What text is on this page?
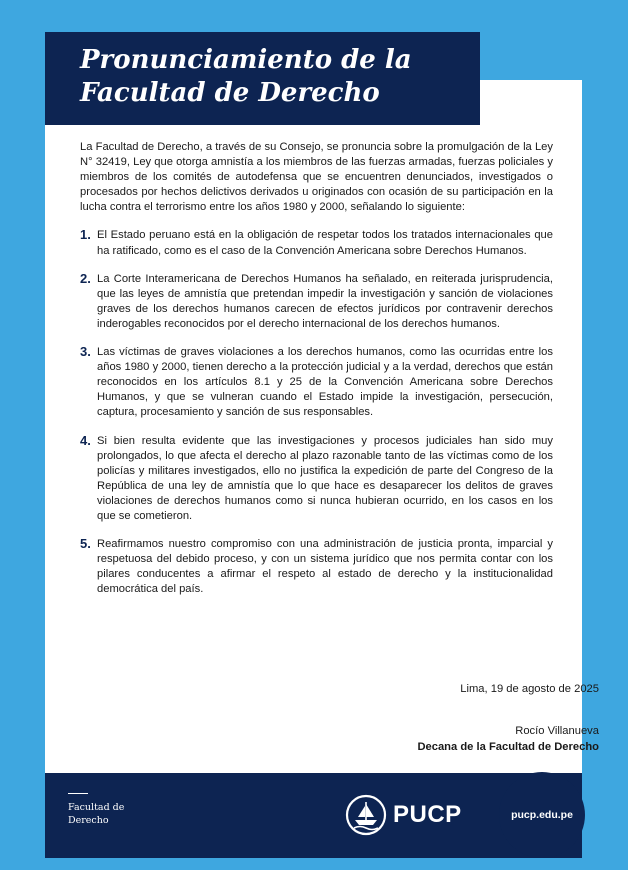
Pronunciamiento de la
Facultad de Derecho

La Facultad de Derecho, a través de su Consejo, se pronuncia sobre la promulgación de la Ley N° 32419, Ley que otorga amnistía a los miembros de las fuerzas armadas, fuerzas policiales y miembros de los comités de autodefensa que se encuentren denunciados, investigados o procesados por hechos delictivos derivados u originados con ocasión de su participación en la lucha contra el terrorismo entre los años 1980 y 2000, señalando lo siguiente:

1. El Estado peruano está en la obligación de respetar todos los tratados internacionales que ha ratificado, como es el caso de la Convención Americana sobre Derechos Humanos.
2. La Corte Interamericana de Derechos Humanos ha señalado, en reiterada jurisprudencia, que las leyes de amnistía que pretendan impedir la investigación y sanción de violaciones graves de los derechos humanos carecen de efectos jurídicos por contravenir derechos inderogables reconocidos por el derecho internacional de los derechos humanos.
3. Las víctimas de graves violaciones a los derechos humanos, como las ocurridas entre los años 1980 y 2000, tienen derecho a la protección judicial y a la verdad, derechos que están reconocidos en los artículos 8.1 y 25 de la Convención Americana sobre Derechos Humanos, y que se vulneran cuando el Estado impide la investigación, persecución, captura, procesamiento y sanción de sus responsables.
4. Si bien resulta evidente que las investigaciones y procesos judiciales han sido muy prolongados, lo que afecta el derecho al plazo razonable tanto de las víctimas como de los policías y militares investigados, ello no justifica la expedición de parte del Congreso de la República de una ley de amnistía que lo que hace es desaparecer los delitos de graves violaciones de derechos humanos como si nunca hubieran ocurrido, en los casos en los que se cometieron.
5. Reafirmamos nuestro compromiso con una administración de justicia pronta, imparcial y respetuosa del debido proceso, y con un sistema jurídico que nos permita contar con los pilares conducentes a afirmar el respeto al estado de derecho y la institucionalidad democrática del país.
Lima, 19 de agosto de 2025
Rocío Villanueva
Decana de la Facultad de Derecho
Facultad de
Derecho	PUCP	pucp.edu.pe
